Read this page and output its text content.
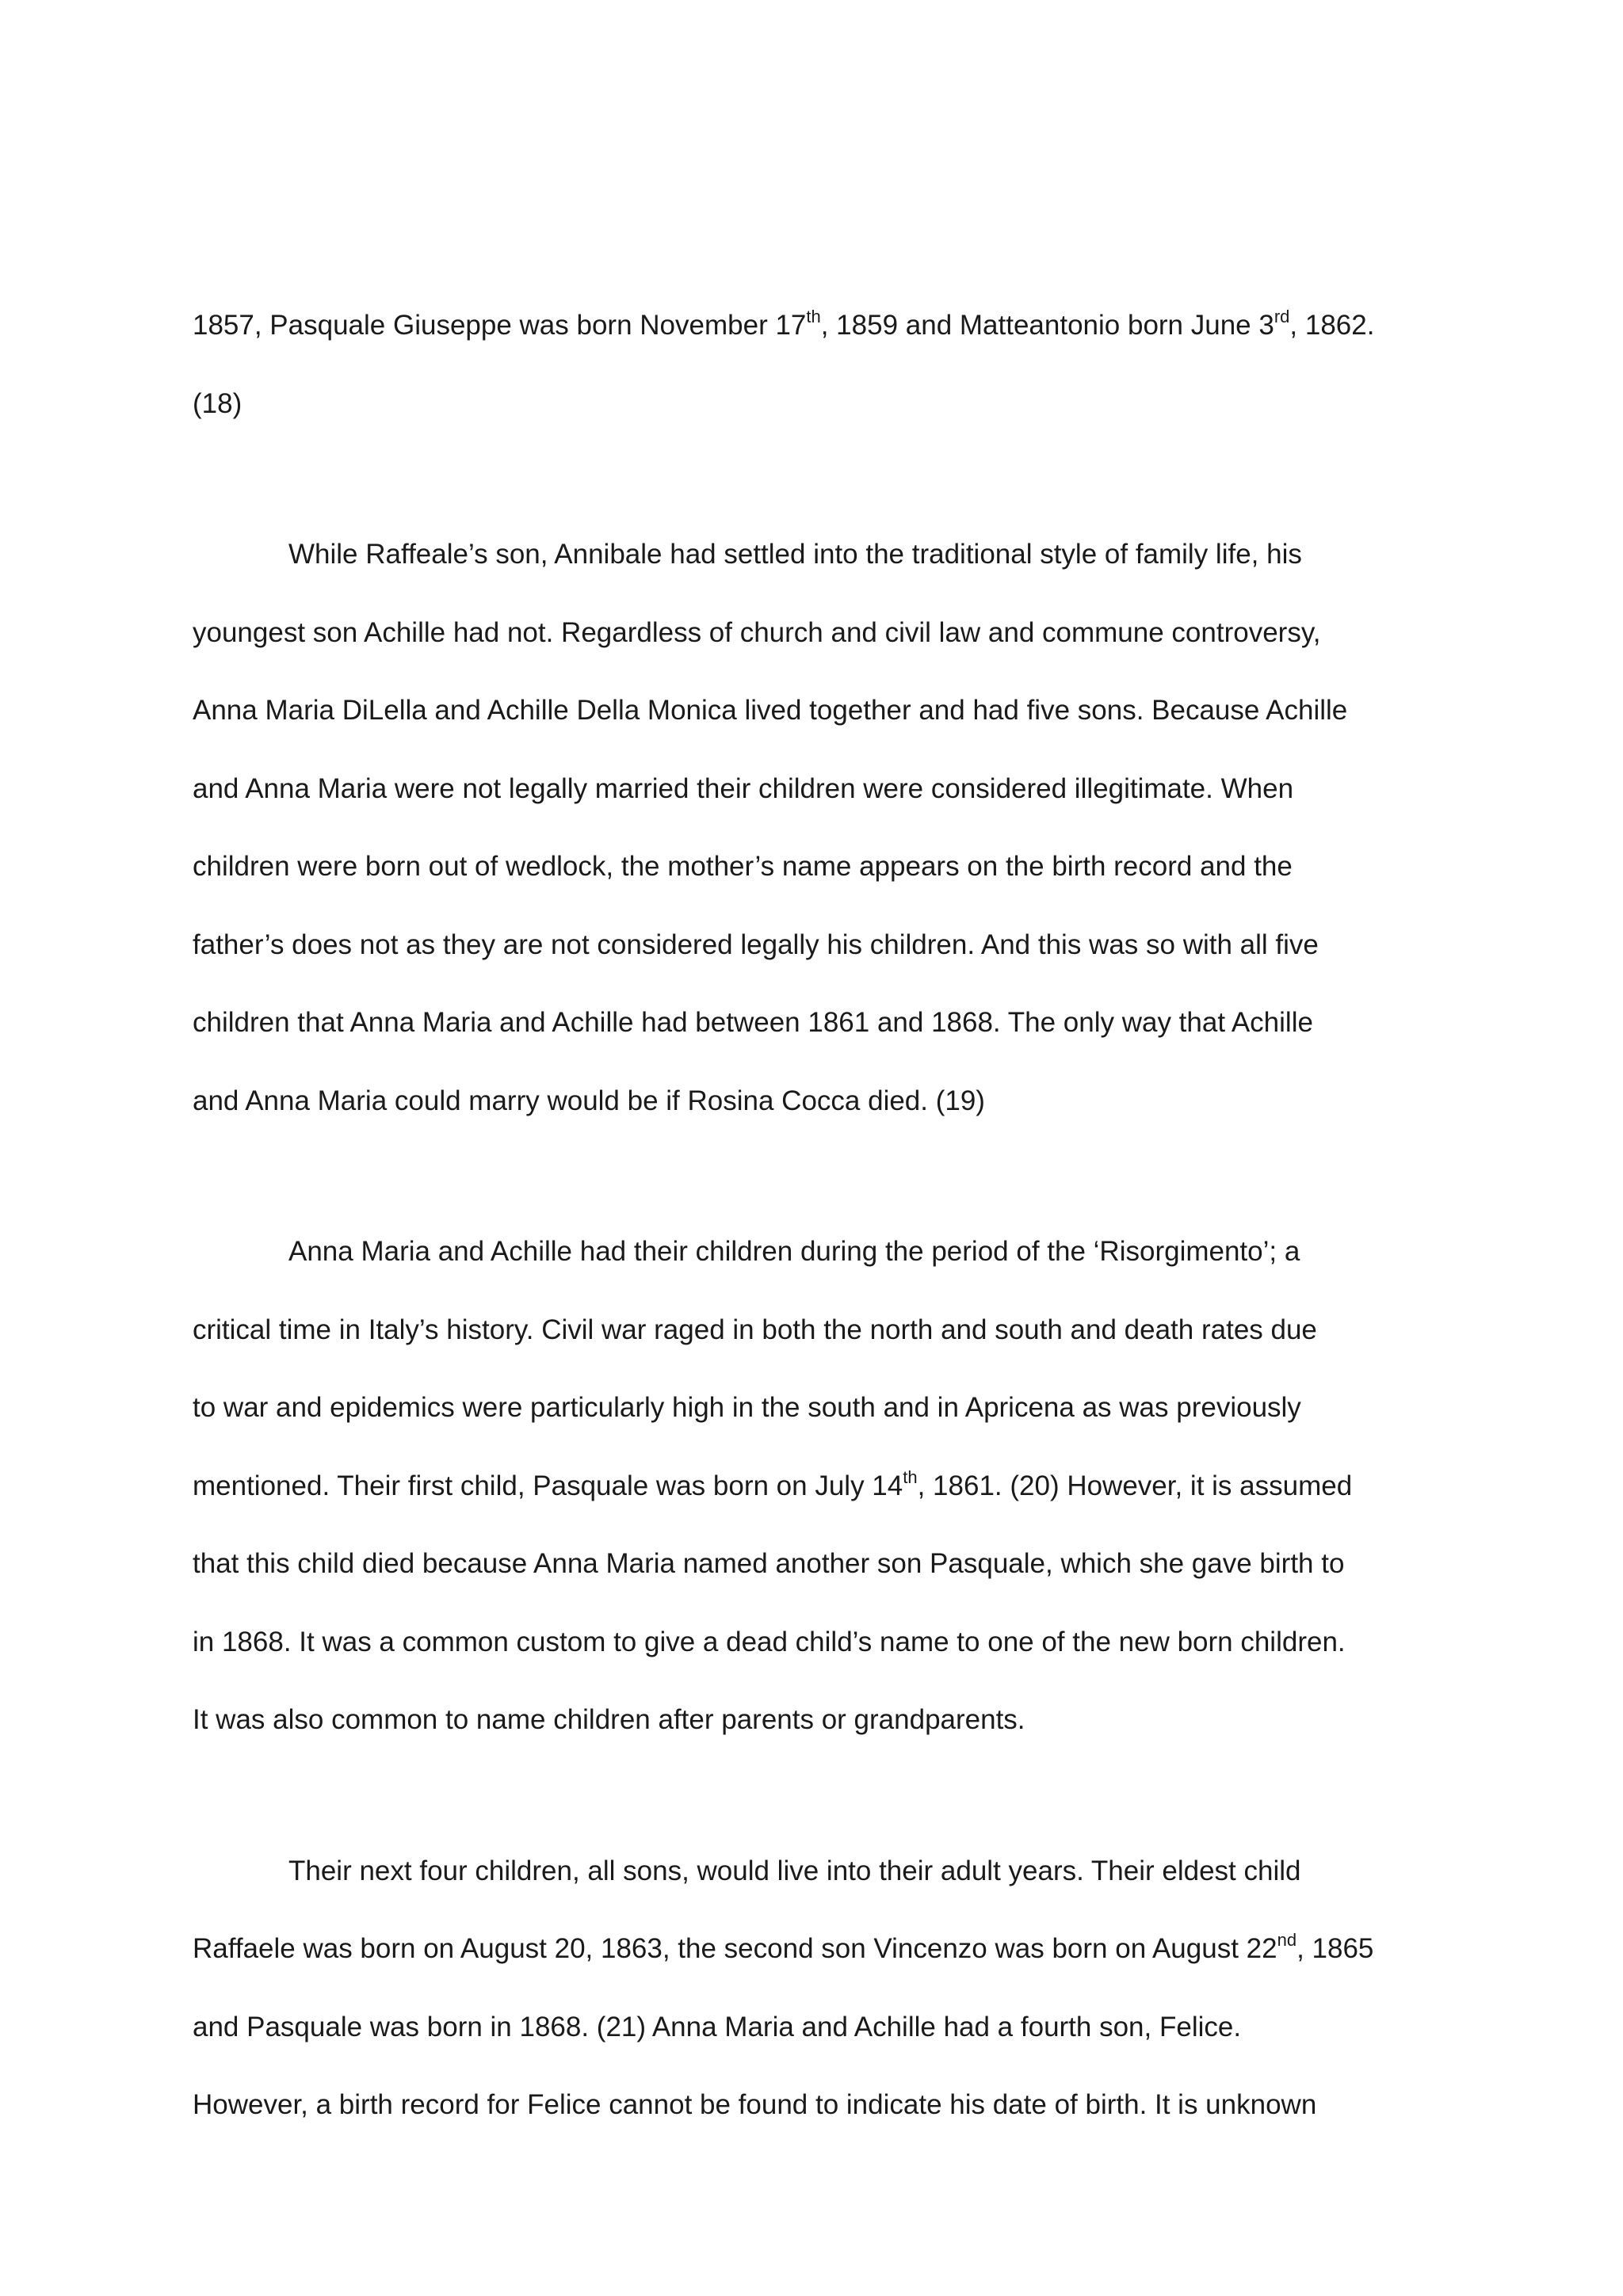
1857, Pasquale Giuseppe was born November 17th, 1859 and Matteantonio born June 3rd, 1862.
(18)
While Raffeale’s son, Annibale had settled into the traditional style of family life, his
youngest son Achille had not. Regardless of church and civil law and commune controversy,
Anna Maria DiLella and Achille Della Monica lived together and had five sons. Because Achille
and Anna Maria were not legally married their children were considered illegitimate. When
children were born out of wedlock, the mother’s name appears on the birth record and the
father’s does not as they are not considered legally his children. And this was so with all five
children that Anna Maria and Achille had between 1861 and 1868. The only way that Achille
and Anna Maria could marry would be if Rosina Cocca died. (19)
Anna Maria and Achille had their children during the period of the ‘Risorgimento’; a
critical time in Italy’s history. Civil war raged in both the north and south and death rates due
to war and epidemics were particularly high in the south and in Apricena as was previously
mentioned. Their first child, Pasquale was born on July 14th, 1861. (20) However, it is assumed
that this child died because Anna Maria named another son Pasquale, which she gave birth to
in 1868. It was a common custom to give a dead child’s name to one of the new born children.
It was also common to name children after parents or grandparents.
Their next four children, all sons, would live into their adult years. Their eldest child
Raffaele was born on August 20, 1863, the second son Vincenzo was born on August 22nd, 1865
and Pasquale was born in 1868. (21) Anna Maria and Achille had a fourth son, Felice.
However, a birth record for Felice cannot be found to indicate his date of birth. It is unknown
